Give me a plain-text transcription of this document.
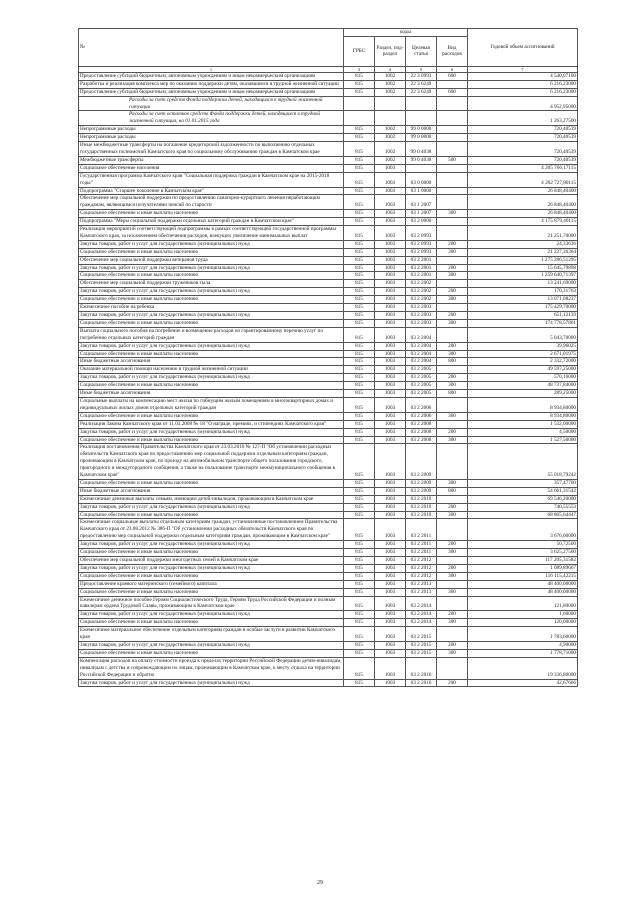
№	коды				Годовой объем ассигнований
	ГРБС	Раздел, под-раздел	Целевая статья	Вид расходов	
1	3	4	5	6	7
Предоставление субсидий бюджетным, автономным учреждениям и иным некоммерческим организациям	815	1002	22 3 0993	600	4 540,07100
Разработка и реализация комплекса мер по оказанию поддержки детям, оказавшимся в трудной жизненной ситуации	815	1002	22 3 6249		6 216,23000
Предоставление субсидий бюджетным, автономным учреждениям и иным некоммерческим организациям	815	1002	22 3 6249	600	6 216,23000
Расходы за счет средств Фонда поддержки детей, находящихся в трудной жизненной ситуации					4 952,95000
Расходы за счет остатков средств Фонда поддержки детей, находящихся в трудной жизненной ситуации, на 01.01.2015 года					1 263,27500
Непрограммные расходы	815	1002	99 0 0000		720,40539
Непрограммные расходы	815	1002	99 0 0000		720,40539
Иные межбюджетные трансферты на погашение кредиторской задолженности по выполнению отдельных государственных полномочий Камчатского края по социальному обслуживанию граждан в Камчатском крае	815	1002	99 0 4038		720,40539
Межбюджетные трансферты	815	1002	99 0 4038	500	720,40539
Социальное обеспечение населения	815	1003			4 205 766,17115
Государственная программа Камчатского края "Социальная поддержка граждан в Камчатском крае на 2015-2018 годы"	815	1003	03 0 0000		4 202 727,80115
Подпрограмма "Старшее поколение в Камчатском крае"	815	1003	03 1 0000		26 848,40400
Обеспечение мер социальной поддержки по предоставлению санаторно-курортного лечения неработающим гражданам, являющимся получателями пенсий по старости	815	1003	03 1 2007		26 848,40400
Социальное обеспечение и иные выплаты населению	815	1003	03 1 2007	300	26 848,40400
Подпрограмма "Меры социальной поддержки отдельных категорий граждан в Камчатском крае"	815	1003	03 2 0000		4 175 879,40115
Реализация мероприятий соответствующей подпрограммы в рамках соответствующей государственной программы Камчатского края, за исключением обеспечения расходов, влекущих увеличение минимальных выплат	815	1003	03 2 0993		21 251,70000
Закупка товаров, работ и услуг для государственных (муниципальных) нужд	815	1003	03 2 0993	200	24,33636
Социальное обеспечение и иные выплаты населению	815	1003	03 2 0993	300	21 227,36364
Обеспечение мер социальной поддержки ветеранов труда	815	1003	03 2 2001		1 275 286,51295
Закупка товаров, работ и услуг для государственных (муниципальных) нужд	815	1003	03 2 2001	200	15 645,79898
Социальное обеспечение и иные выплаты населению	815	1003	03 2 2001	300	1 259 640,71397
Обеспечение мер социальной поддержки тружеников тыла	815	1003	03 2 2002		13 241,69000
Закупка товаров, работ и услуг для государственных (муниципальных) нужд	815	1003	03 2 2002	200	170,31763
Социальное обеспечение и иные выплаты населению	815	1003	03 2 2002	300	13 071,08237
Ежемесячное пособие на ребенка	815	1003	03 2 2003		175 429,70000
Закупка товаров, работ и услуг для государственных (муниципальных) нужд	815	1003	03 2 2003	200	651,12139
Социальное обеспечение и иные выплаты населению	815	1003	03 2 2003	300	174 778,57861
Выплата социального пособия на погребение и возмещение расходов по гарантированному перечню услуг по погребению отдельных категорий граждан	815	1003	03 2 2004		5 043,70000
Закупка товаров, работ и услуг для государственных (муниципальных) нужд	815	1003	03 2 2004	200	39,96025
Социальное обеспечение и иные выплаты населению	815	1003	03 2 2004	300	2 671,01975
Иные бюджетные ассигнования	815	1003	03 2 2004	800	2 332,72000
Оказание материальной помощи населению в трудной жизненной ситуации	815	1003	03 2 2005		49 597,25000
Закупка товаров, работ и услуг для государственных (муниципальных) нужд	815	1003	03 2 2005	200	570,16000
Социальное обеспечение и иные выплаты населению	815	1003	03 2 2005	300	48 737,84000
Иные бюджетные ассигнования	815	1003	03 2 2005	800	289,25000
Социальные выплаты на компенсацию мест жилья по гибнущим жилым помещениям в многоквартирных домах и индивидуальных жилых домов отдельных категорий граждан	815	1003	03 2 2006		8 934,80000
Социальное обеспечение и иные выплаты населению	815	1003	03 2 2006	300	8 934,80000
Реализация Закона Камчатского края от 11.03.2008 № 18 "О награде, премиях, и стипендиях Камчатского края"	815	1003	03 2 2008		1 532,00000
Закупка товаров, работ и услуг для государственных (муниципальных) нужд	815	1003	03 2 2008	200	4,50000
Социальное обеспечение и иные выплаты населению	815	1003	03 2 2008	300	1 527,50000
Реализация постановления Правительства Камчатского края от 23.03.2010 № 127-П "Об установлении расходных обязательств Камчатского края по предоставлению мер социальной поддержки отдельным категориям граждан, проживающим в Камчатском крае, по проезду на автомобильном транспорте общего пользования городского, пригородного и междугородного сообщения, а также на пользование транспорте межмуниципального сообщения в Камчатском крае"	815	1003	03 2 2009		55 018,79242
Социальное обеспечение и иные выплаты населению	815	1003	03 2 2009	300	357,47700
Иные бюджетные ассигнования	815	1003	03 2 2009	800	54 661,31542
Ежемесячные денежные выплаты семьям, имеющим детей-инвалидов, проживающим в Камчатском крае	815	1003	03 2 2010		69 546,20000
Закупка товаров, работ и услуг для государственных (муниципальных) нужд	815	1003	03 2 2010	200	740,55553
Социальное обеспечение и иные выплаты населению	815	1003	03 2 2010	300	68 805,64447
Ежемесячные социальные выплаты отдельным категориям граждан, установленные постановлением Правительства Камчатского края от 23.08.2012 № 386-П "Об установлении расходных обязательств Камчатского края по предоставлению мер социальной поддержки отдельным категориям граждан, проживающим в Камчатском крае"	815	1003	03 2 2011		3 676,00000
Закупка товаров, работ и услуг для государственных (муниципальных) нужд	815	1003	03 2 2011	200	50,72500
Социальное обеспечение и иные выплаты населению	815	1003	03 2 2011	300	3 625,27500
Обеспечение мер социальной поддержки многодетных семей в Камчатском крае	815	1003	03 2 2012		117 205,31582
Закупка товаров, работ и услуг для государственных (муниципальных) нужд	815	1003	03 2 2012	200	1 089,89667
Социальное обеспечение и иные выплаты населению	815	1003	03 2 2012	300	116 115,42215
Предоставление краевого материнского (семейного) капитала	815	1003	03 2 2013		48 400,00000
Социальное обеспечение и иные выплаты населению	815	1003	03 2 2013	300	48 400,00000
Ежемесячное денежное пособие Героям Социалистического Труда, Героям Труда Российской Федерации и полным кавалерам ордена Трудовой Славы, проживающим в Камчатском крае	815	1003	03 2 2014		121,80000
Закупка товаров, работ и услуг для государственных (муниципальных) нужд	815	1003	03 2 2014	200	1,60000
Социальное обеспечение и иные выплаты населению	815	1003	03 2 2014	300	120,00000
Ежемесячное материальное обеспечение отдельным категориям граждан в особые заслуги в развитии Камчатского края	815	1003	03 2 2015		1 783,60000
Закупка товаров, работ и услуг для государственных (муниципальных) нужд	815	1003	03 2 2015	200	4,90000
Социальное обеспечение и иные выплаты населению	815	1003	03 2 2015	300	1 778,71000
Компенсация расходов на оплату стоимости проезда к пределах территории Российской Федерации детям-инвалидам, инвалидам с детства и сопровождающим их лицам, проживающим в Камчатском крае, к месту отдыха на территории Российской Федерации и обратно	815	1003	03 2 2016		19 336,80000
Закупка товаров, работ и услуг для государственных (муниципальных) нужд	815	1003	03 2 2016	200	42,67666
29
